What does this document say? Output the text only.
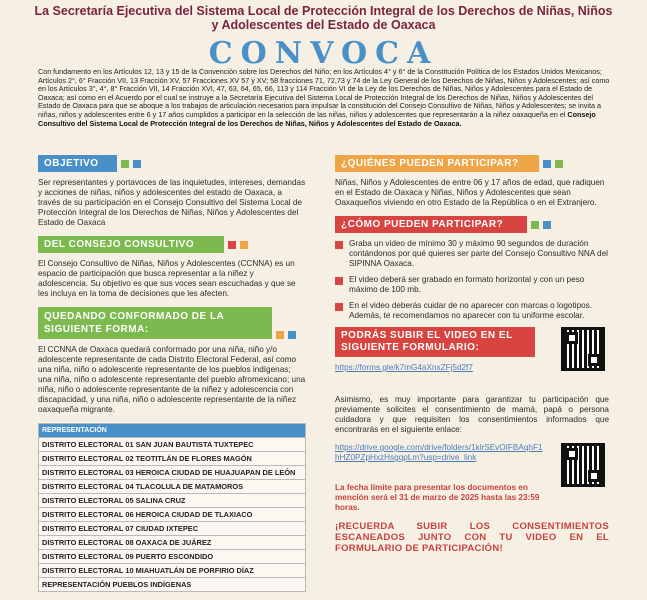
La Secretaría Ejecutiva del Sistema Local de Protección Integral de los Derechos de Niñas, Niños y Adolescentes del Estado de Oaxaca
CONVOCA
Con fundamento en los Artículos 12, 13 y 15 de la Convención sobre los Derechos del Niño; en los Artículos 4° y 6° de la Constitución Política de los Estados Unidos Mexicanos; Artículos 2°, 6° Fracción VII, 13 Fracción XV, 57 Fracciones XV 57 y XV; 58 fracciones 71, 72,73 y 74 de la Ley General de los Derechos de Niñas, Niños y Adolescentes; así como en los Artículos 3°, 4°, 8° Fracción VII, 14 Fracción XVI, 47, 63, 64, 65, 66, 113 y 114 Fracción VI de la Ley de los Derechos de Niñas, Niños y Adolescentes para el Estado de Oaxaca; así como en el Acuerdo por el cual se instruye a la Secretaría Ejecutiva del Sistema Local de Protección Integral de los Derechos de Niñas, Niños y Adolescentes del Estado de Oaxaca para que se aboque a los trabajos de articulación necesarios para impulsar la constitución del Consejo Consultivo de Niñas, Niños y Adolescentes; se invita a niñas, niños y adolescentes entre 6 y 17 años cumplidos a participar en la selección de las niñas, niños y adolescentes que representarán a la niñez oaxaqueña en el Consejo Consultivo del Sistema Local de Protección Integral de los Derechos de Niñas, Niños y Adolescentes del Estado de Oaxaca.
OBJETIVO
Ser representantes y portavoces de las inquietudes, intereses, demandas y acciones de niñas, niños y adolescentes del estado de Oaxaca, a través de su participación en el Consejo Consultivo del Sistema Local de Protección Integral de los Derechos de Niñas, Niños y Adolescentes del Estado de Oaxaca
DEL CONSEJO CONSULTIVO
El Consejo Consultivo de Niñas, Niños y Adolescentes (CCNNA) es un espacio de participación que busca representar a la niñez y adolescencia. Su objetivo es que sus voces sean escuchadas y que se les incluya en la toma de decisiones que les afecten.
QUEDANDO CONFORMADO DE LA SIGUIENTE FORMA:
El CCNNA de Oaxaca quedará conformado por una niña, niño y/o adolescente representante de cada Distrito Electoral Federal, así como una niña, niño o adolescente representante de los pueblos indígenas; una niña, niño o adolescente representante del pueblo afromexicano; una niña, niño o adolescente representante de la niñez y adolescencia con discapacidad, y una niña, niño o adolescente representante de la niñez oaxaqueña migrante.
REPRESENTACIÓN
DISTRITO ELECTORAL 01 SAN JUAN BAUTISTA TUXTEPEC
DISTRITO ELECTORAL 02 TEOTITLÁN DE FLORES MAGÓN
DISTRITO ELECTORAL 03 HEROICA CIUDAD DE HUAJUAPAN DE LEÓN
DISTRITO ELECTORAL 04 TLACOLULA DE MATAMOROS
DISTRITO ELECTORAL 05 SALINA CRUZ
DISTRITO ELECTORAL 06 HEROICA CIUDAD DE TLAXIACO
DISTRITO ELECTORAL 07 CIUDAD IXTEPEC
DISTRITO ELECTORAL 08 OAXACA DE JUÁREZ
DISTRITO ELECTORAL 09 PUERTO ESCONDIDO
DISTRITO ELECTORAL 10 MIAHUATLÁN DE PORFIRIO DÍAZ
REPRESENTACIÓN PUEBLOS INDÍGENAS
¿QUIÉNES PUEDEN PARTICIPAR?
Niñas, Niños y Adolescentes de entre 06 y 17 años de edad, que radiquen en el Estado de Oaxaca y Niñas, Niños y Adolescentes que sean Oaxaqueños viviendo en otro Estado de la República o en el Extranjero.
¿CÓMO PUEDEN PARTICIPAR?
Graba un video de mínimo 30 y máximo 90 segundos de duración contándonos por qué quieres ser parte del Consejo Consultivo NNA del SIPINNA Oaxaca.
El video deberá ser grabado en formato horizontal y con un peso máximo de 100 mb.
En el video deberás cuidar de no aparecer con marcas o logotipos. Además, te recomendamos no aparecer con tu uniforme escolar.
PODRÁS SUBIR EL VIDEO EN EL SIGUIENTE FORMULARIO:
https://forms.gle/k7mG4aXnxZFj5d2f7
Asimismo, es muy importante para garantizar tu participación que previamente solicites el consentimiento de mamá, papá o persona cuidadora y que requisiten los consentimientos informados que encontrarás en el siguiente enlace:
https://drive.google.com/drive/folders/1klrSEvOIFBAqhF1hHZ0PZpHxzHsgqpLm?usp=drive_link
La fecha límite para presentar los documentos en mención será el 31 de marzo de 2025 hasta las 23:59 horas.
¡RECUERDA SUBIR LOS CONSENTIMIENTOS ESCANEADOS JUNTO CON TU VIDEO EN EL FORMULARIO DE PARTICIPACIÓN!
